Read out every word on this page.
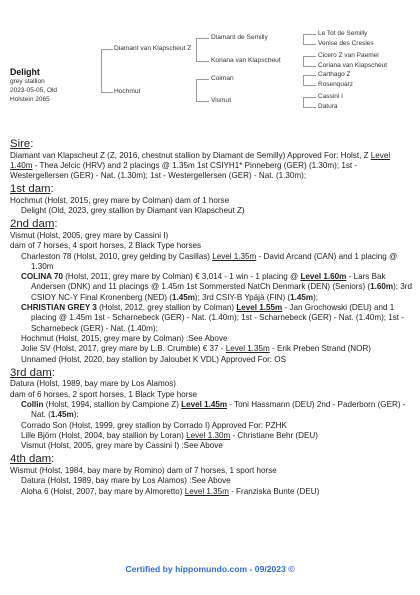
Delight
grey stallion
2023-05-05, Old
Holstein 2065
Diamant van Klapscheut Z
Hochmut
Diamant de Semilly
Koriana van Klapscheut
Colman
Vismut
Le Tot de Semilly
Venise des Cresles
Cicero Z van Paemel
Coriana van Klapscheut
Carthago Z
Rosenquarz
Cassini I
Datura
Sire:

Diamant van Klapscheut Z (Z, 2016, chestnut stallion by Diamant de Semilly) Approved For: Holst, Z Level 1.40m - Thea Jelcic (HRV) and 2 placings @ 1.35m 1st CSIYH1* Pinneberg (GER) (1.30m); 1st - Westergellersen (GER) - Nat. (1.30m); 1st - Westergellersen (GER) - Nat. (1.30m);

1st dam:

Hochmut (Holst, 2015, grey mare by Colman) dam of 1 horse

Delight (Old, 2023, grey stallion by Diamant van Klapscheut Z)

2nd dam:

Vismut (Holst, 2005, grey mare by Cassini I)

dam of 7 horses, 4 sport horses, 2 Black Type horses

Charleston 78 (Holst, 2010, grey gelding by Casillas) Level 1.35m - David Arcand (CAN) and 1 placing @ 1.30m

COLINA 70 (Holst, 2011, grey mare by Colman) € 3,014 - 1 win - 1 placing @ Level 1.60m - Lars Bak Andersen (DNK) and 11 placings @ 1.45m 1st Sommersted NatCh Denmark (DEN) (Seniors) (1.60m); 3rd CSIOY NC-Y Final Kronenberg (NED) (1.45m); 3rd CSIY-B Ypäjä (FIN) (1.45m);

CHRISTIAN GREY 3 (Holst, 2012, grey stallion by Colman) Level 1.55m - Jan Grochowski (DEU) and 1 placing @ 1.45m 1st - Scharnebeck (GER) - Nat. (1.40m); 1st - Scharnebeck (GER) - Nat. (1.40m); 1st - Scharnebeck (GER) - Nat. (1.40m);

Hochmut (Holst, 2015, grey mare by Colman) :See Above

Jolie SV (Holst, 2017, grey mare by L.B. Crumble) € 37 - Level 1.35m - Erik Preben Strand (NOR)

Unnamed (Holst, 2020, bay stallion by Jaloubet K VDL) Approved For: OS

3rd dam:

Datura (Holst, 1989, bay mare by Los Alamos)

dam of 6 horses, 2 sport horses, 1 Black Type horse

Collin (Holst, 1994, stallion by Campione Z) Level 1.45m - Toni Hassmann (DEU) 2nd - Paderborn (GER) - Nat. (1.45m);

Corrado Son (Holst, 1999, grey stallion by Corrado I) Approved For: PZHK

Lille Björn (Holst, 2004, bay stallion by Loran) Level 1.30m - Christiane Behr (DEU)

Vismut (Holst, 2005, grey mare by Cassini I) :See Above

4th dam:

Wismut (Holst, 1984, bay mare by Romino) dam of 7 horses, 1 sport horse

Datura (Holst, 1989, bay mare by Los Alamos) :See Above

Aloha 6 (Holst, 2007, bay mare by Almoretto) Level 1.35m - Franziska Bunte (DEU)

Certified by hippomundo.com - 09/2023 ©
